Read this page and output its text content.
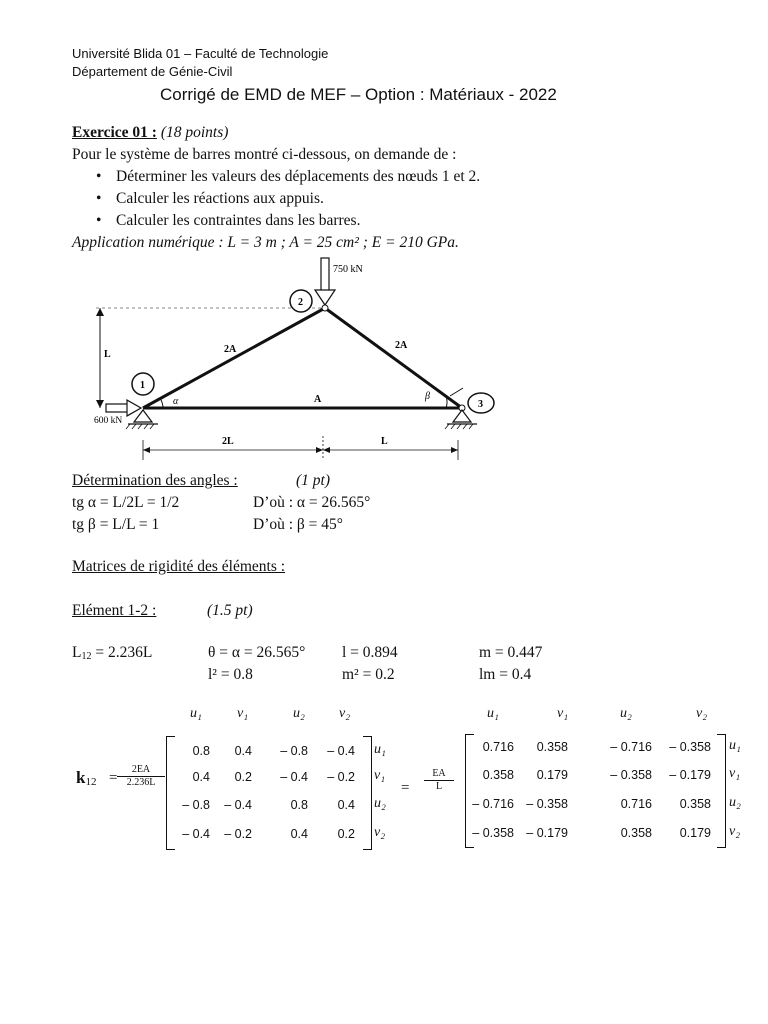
Université Blida 01 – Faculté de Technologie
Département de Génie-Civil
Corrigé de EMD de MEF – Option : Matériaux - 2022
Exercice 01 : (18 points)
Pour le système de barres montré ci-dessous, on demande de :
• Déterminer les valeurs des déplacements des nœuds 1 et 2.
• Calculer les réactions aux appuis.
• Calculer les contraintes dans les barres.
Application numérique : L = 3 m ; A = 25 cm² ; E = 210 GPa.
L	2A	2A
A
α	β
750 kN
2
1
600 kN
3
2L	L
Détermination des angles :	(1 pt)
tg α = L/2L = 1/2	D’où : α = 26.565°
tg β = L/L = 1	D’où : β = 45°
Matrices de rigidité des éléments :
Elément 1-2 :	(1.5 pt)
$L_{12} = 2.236L$	θ = α = 26.565° l = 0.894	m = 0.447
l² = 0.8	m² = 0.2	lm = 0.4
$k12 = \frac{2EA}{2.236L}$	= $\frac{EA}{L}$
u₁	v₁	u₂ v₂
0.8	0.4	– 0.8	– 0.4
0.4	0.2	– 0.4	– 0.2
– 0.8	– 0.4	0.8	0.4
– 0.4	– 0.2	0.4	0.2
u₁
v₁
u₂
v₂
u₁	v₁	u₂	v₂
0.716	0.358	– 0.716	– 0.358
0.358	0.179	– 0.358	– 0.179
– 0.716 – 0.358	0.716	0.358
– 0.358 – 0.179	0.358	0.179
u₁
v₁
u₂
v₂
